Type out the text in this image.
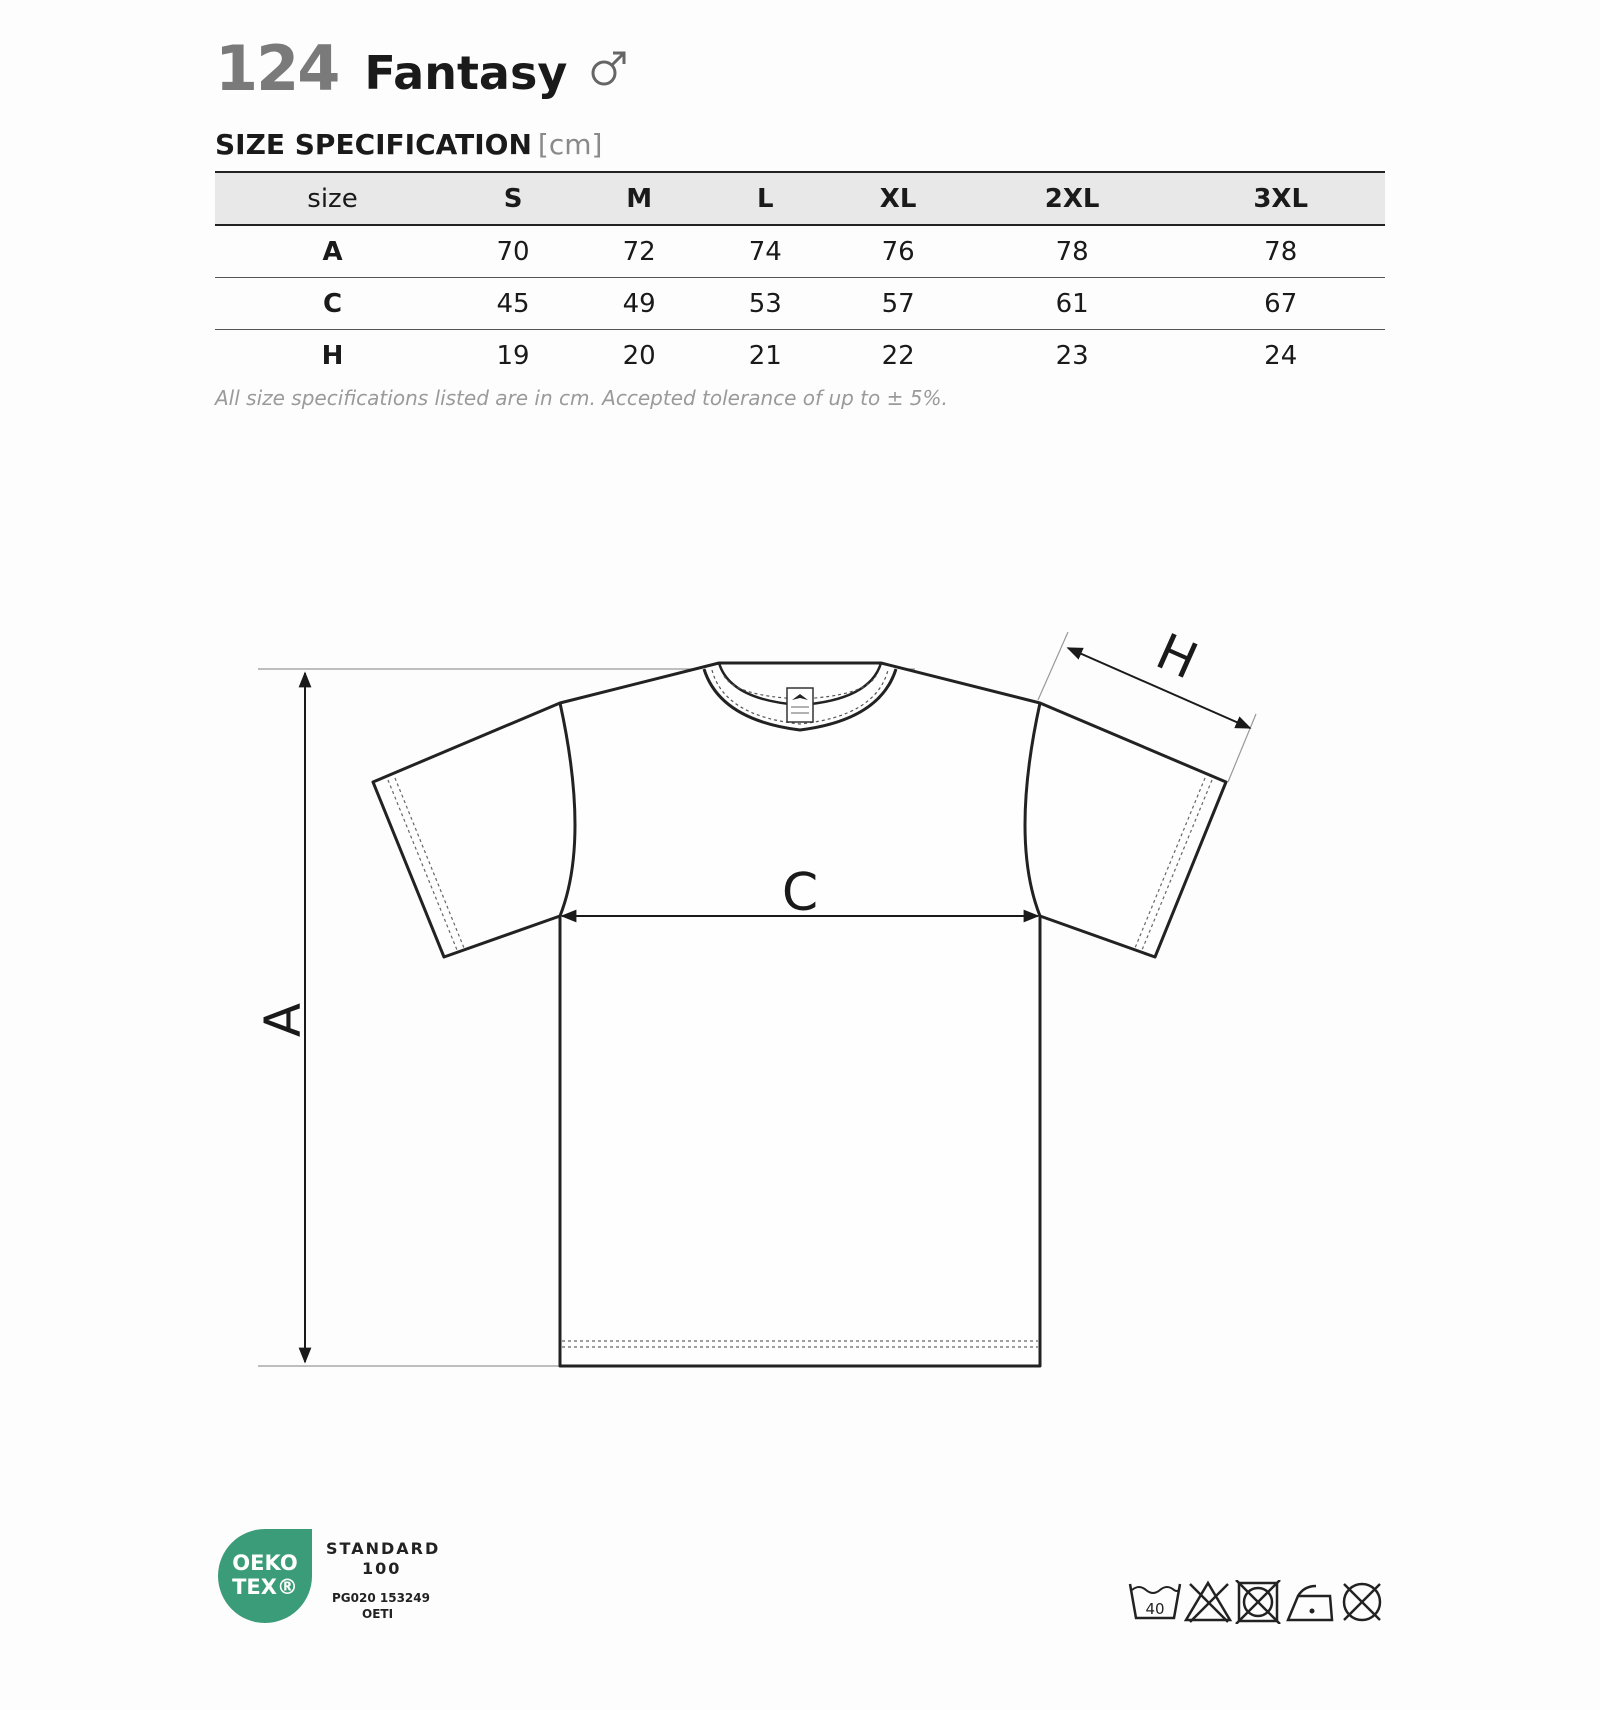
124 Fantasy
SIZE SPECIFICATION [cm]
size	S	M	L	XL	2XL	3XL
A	70	72	74	76	78	78
C	45	49	53	57	61	67
H	19	20	21	22	23	24
All size specifications listed are in cm. Accepted tolerance of up to ± 5%.
A
C
H
OEKO
TEX®
STANDARD
100
PG020 153249
OETI	40
